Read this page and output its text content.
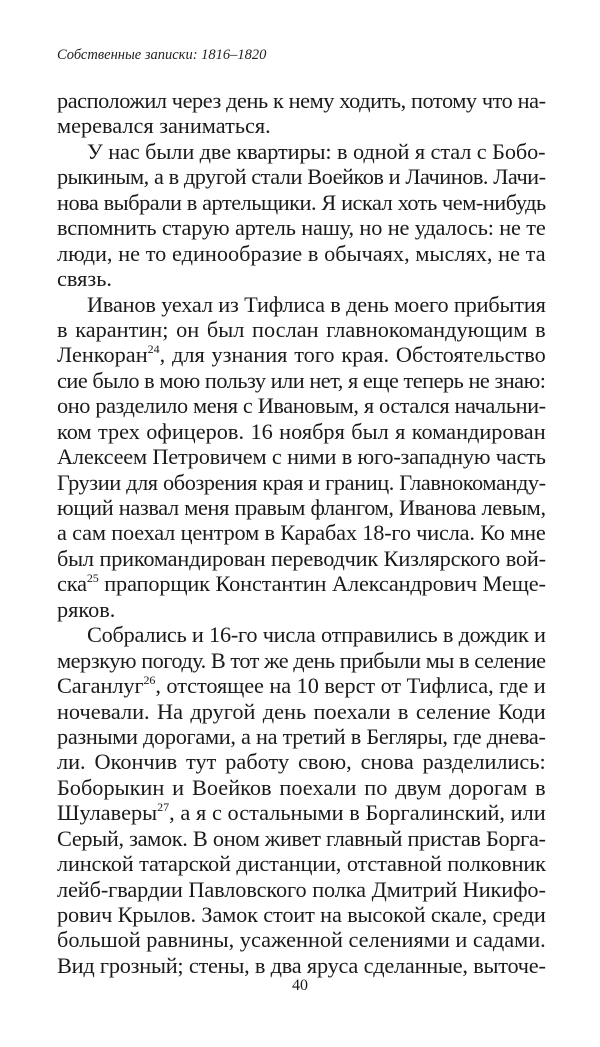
Собственные записки: 1816–1820
расположил через день к нему ходить, потому что на-
меревался заниматься.
У нас были две квартиры: в одной я стал с Бобо-
рыкиным, а в другой стали Воейков и Лачинов. Лачи-
нова выбрали в артельщики. Я искал хоть чем-нибудь
вспомнить старую артель нашу, но не удалось: не те
люди, не то единообразие в обычаях, мыслях, не та
связь.
Иванов уехал из Тифлиса в день моего прибытия
в карантин; он был послан главнокомандующим в
Ленкоран$^{24}$, для узнания того края. Обстоятельство
сие было в мою пользу или нет, я еще теперь не знаю:
оно разделило меня с Ивановым, я остался начальни-
ком трех офицеров. 16 ноября был я командирован
Алексеем Петровичем с ними в юго-западную часть
Грузии для обозрения края и границ. Главнокоманду-
ющий назвал меня правым флангом, Иванова левым,
а сам поехал центром в Карабах 18-го числа. Ко мне
был прикомандирован переводчик Кизлярского вой-
ска$^{25}$ прапорщик Константин Александрович Меще-
ряков.
Собрались и 16-го числа отправились в дождик и
мерзкую погоду. В тот же день прибыли мы в селение
Саганлуг$^{26}$, отстоящее на 10 верст от Тифлиса, где и
ночевали. На другой день поехали в селение Коди
разными дорогами, а на третий в Бегляры, где днева-
ли. Окончив тут работу свою, снова разделились:
Боборыкин и Воейков поехали по двум дорогам в
Шулаверы$^{27}$, а я с остальными в Боргалинский, или
Серый, замок. В оном живет главный пристав Борга-
линской татарской дистанции, отставной полковник
лейб-гвардии Павловского полка Дмитрий Никифо-
рович Крылов. Замок стоит на высокой скале, среди
большой равнины, усаженной селениями и садами.
Вид грозный; стены, в два яруса сделанные, выточе-
40
